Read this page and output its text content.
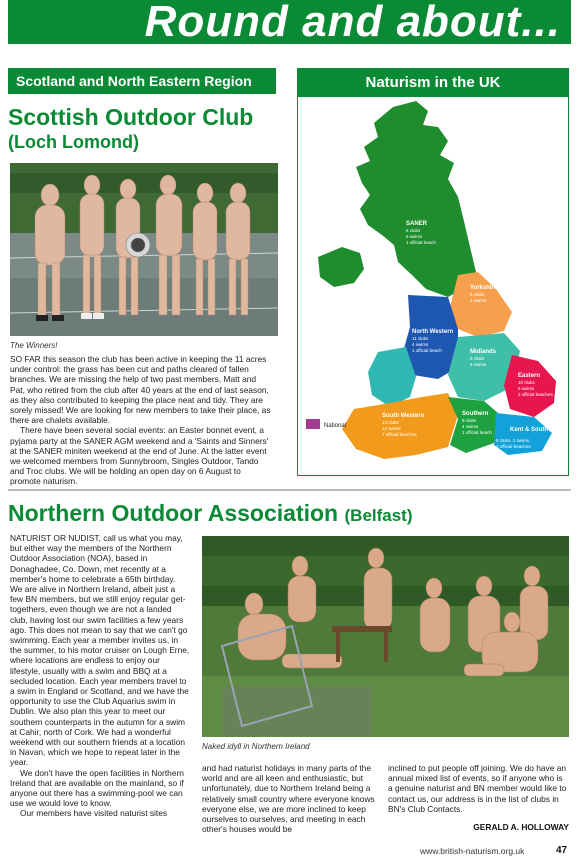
Round and about...
Scotland and North Eastern Region
Scottish Outdoor Club
(Loch Lomond)
The Winners!

SO FAR this season the club has been active in keeping the 11 acres under control: the grass has been cut and paths cleared of fallen branches. We are missing the help of two past members, Matt and Pat, who retired from the club after 40 years at the end of last season, as they also contributed to keeping the place neat and tidy. They are sorely missed! We are looking for new members to take their place, as there are chalets available.

There have been several social events: an Easter bonnet event, a pyjama party at the SANER AGM weekend and a 'Saints and Sinners' at the SANER miniten weekend at the end of June. At the latter event we welcomed members from Sunnybroom, Singles Outdoor, Tando and Troc clubs. We will be holding an open day on 6 August to promote naturism.

Naturism in the UK
SANER
6 clubs
6 swims
1 official beach
Yorkshire
6 clubs
2 swims
North Western
11 clubs
4 swims
1 official beach	Midlands
9 clubs
6 swims
Eastern
10 clubs
5 swims
3 official beaches
Southern
9 clubs
4 swims
1 official beach	Kent & South East
8 clubs, 2 swims
3 official beaches
South Western
14 clubs
12 swims
7 official beaches
National
Northern Outdoor Association (Belfast)

NATURIST OR NUDIST, call us what you may, but either way the members of the Northern Outdoor Association (NOA), based in Donaghadee, Co. Down, met recently at a member's home to celebrate a 65th birthday. We are alive in Northern Ireland, albeit just a few BN members, but we still enjoy regular get-togethers, even though we are not a landed club, having lost our swim facilities a few years ago. This does not mean to say that we can't go swimming. Each year a member invites us, in the summer, to his motor cruiser on Lough Erne, where locations are endless to enjoy our lifestyle, usually with a swim and BBQ at a secluded location. Each year members travel to a swim in England or Scotland, and we have the opportunity to use the Club Aquarius swim in Dublin. We also plan this year to meet our southern counterparts in the autumn for a swim at Cahir, north of Cork. We had a wonderful weekend with our southern friends at a location in Navan, which we hope to repeat later in the year.

We don't have the open facilities in Northern Ireland that are available on the mainland, so if anyone out there has a swimming-pool we can use we would love to know.

Our members have visited naturist sites

Naked idyll in Northern Ireland
and had naturist holidays in many parts of the world and are all keen and enthusiastic, but unfortunately, due to Northern Ireland being a relatively small country where everyone knows everyone else, we are more inclined to keep ourselves to ourselves, and meeting in each other's houses would be
inclined to put people off joining. We do have an annual mixed list of events, so if anyone who is a genuine naturist and BN member would like to contact us, our address is in the list of clubs in BN's Club Contacts.
GERALD A. HOLLOWAY
www.british-naturism.org.uk	47
